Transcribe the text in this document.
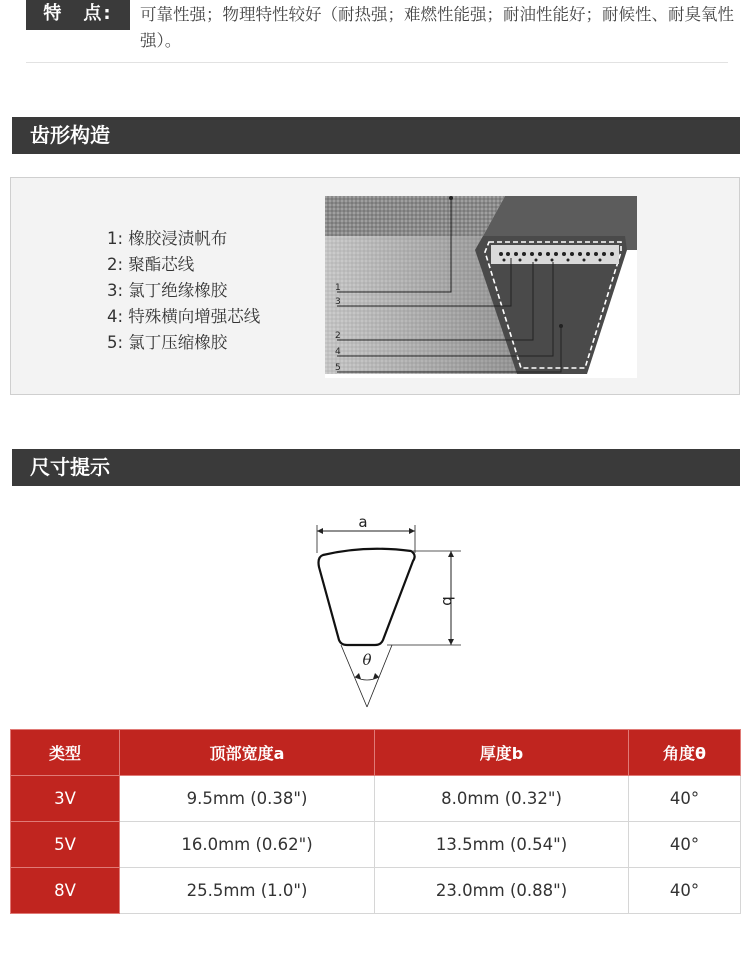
特　点:	可靠性强；物理特性较好（耐热强；难燃性能强；耐油性能好；耐候性、耐臭氧性强）。
齿形构造
1: 橡胶浸渍帆布
2: 聚酯芯线
3: 氯丁绝缘橡胶
4: 特殊横向增强芯线
5: 氯丁压缩橡胶
1
3
2
4
5
尺寸提示
a
b
θ
类型	顶部宽度a	厚度b	角度θ
3V	9.5mm (0.38")	8.0mm (0.32")	40°
5V	16.0mm (0.62")	13.5mm (0.54")	40°
8V	25.5mm (1.0")	23.0mm (0.88")	40°
